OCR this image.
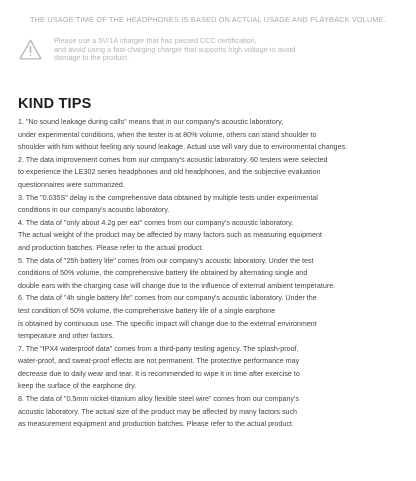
THE USAGE TIME OF THE HEADPHONES IS BASED ON ACTUAL USAGE AND PLAYBACK VOLUME.
Please use a 5V/1A charger that has passed CCC certification,
and avoid using a fast-charging charger that supports high voltage to avoid
damage to the product.
KIND TIPS
1. "No sound leakage during calls" means that in our company's acoustic laboratory,
under experimental conditions, when the tester is at 80% volume, others can stand shoulder to
shoulder with him without feeling any sound leakage. Actual use will vary due to environmental changes.
2. The data improvement comes from our company's acoustic laboratory. 60 testers were selected
to experience the LE302 series headphones and old headphones, and the subjective evaluation
questionnaires were summarized.
3. The "0.035S" delay is the comprehensive data obtained by multiple tests under experimental
conditions in our company's acoustic laboratory.
4. The data of "only about 4.2g per ear" comes from our company's acoustic laboratory.
The actual weight of the product may be affected by many factors such as measuring equipment
and production batches. Please refer to the actual product.
5. The data of "25h battery life" comes from our company's acoustic laboratory. Under the test
conditions of 50% volume, the comprehensive battery life obtained by alternating single and
double ears with the charging case will change due to the influence of external ambient temperature.
6. The data of "4h single battery life" comes from our company's acoustic laboratory. Under the
test condition of 50% volume, the comprehensive battery life of a single earphone
is obtained by continuous use. The specific impact will change due to the external environment
temperature and other factors.
7. The "IPX4 waterproof data" comes from a third-party testing agency. The splash-proof,
water-proof, and sweat-proof effects are not permanent. The protective performance may
decrease due to daily wear and tear. It is recommended to wipe it in time after exercise to
keep the surface of the earphone dry.
8. The data of "0.5mm nickel-titanium alloy flexible steel wire" comes from our company's
acoustic laboratory. The actual size of the product may be affected by many factors such
as measurement equipment and production batches. Please refer to the actual product.
